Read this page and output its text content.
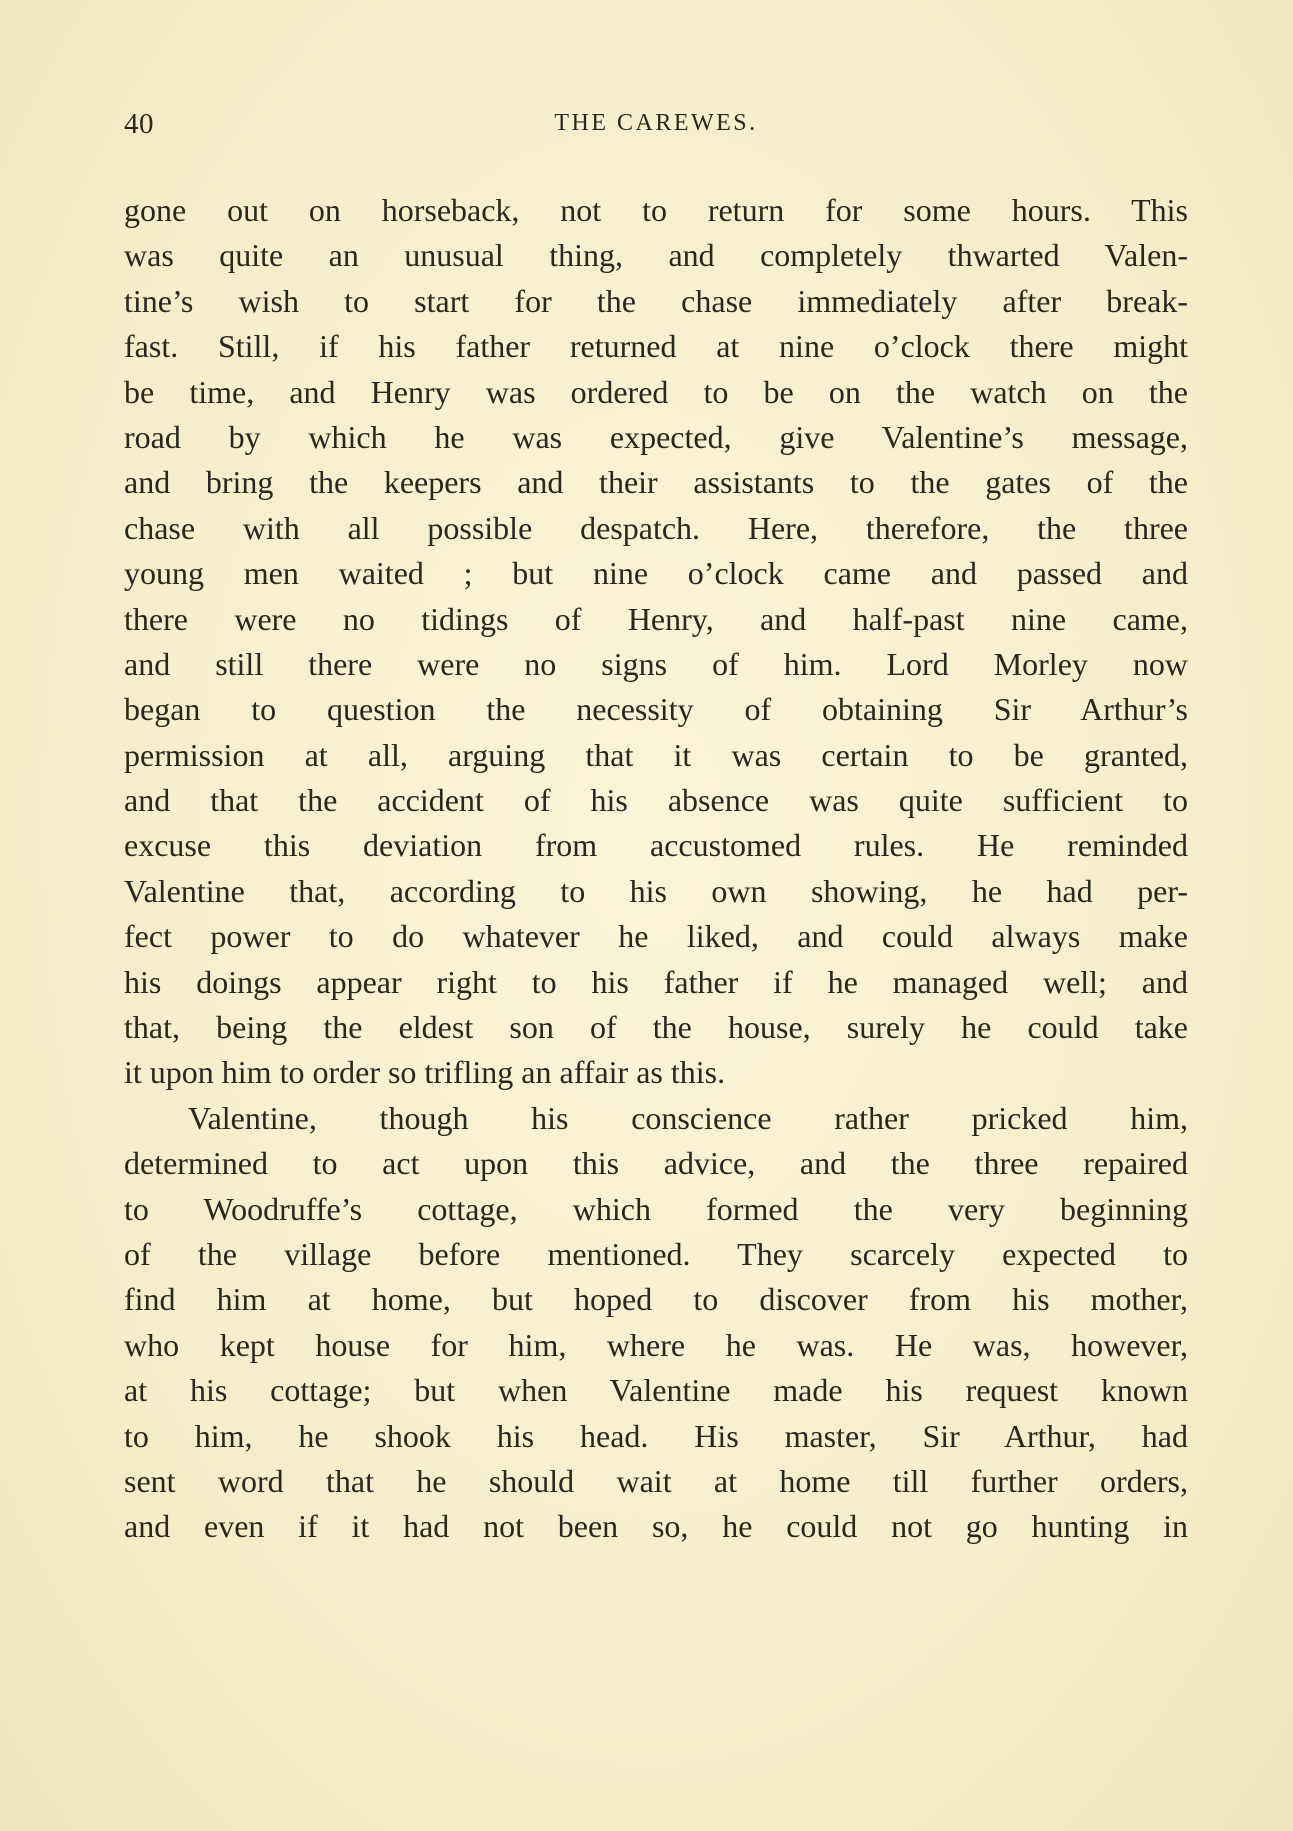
40	THE CAREWES.
gone out on horseback, not to return for some hours. This
was quite an unusual thing, and completely thwarted Valen-
tine’s wish to start for the chase immediately after break-
fast. Still, if his father returned at nine o’clock there might
be time, and Henry was ordered to be on the watch on the
road by which he was expected, give Valentine’s message,
and bring the keepers and their assistants to the gates of the
chase with all possible despatch. Here, therefore, the three
young men waited ; but nine o’clock came and passed and
there were no tidings of Henry, and half-past nine came,
and still there were no signs of him. Lord Morley now
began to question the necessity of obtaining Sir Arthur’s
permission at all, arguing that it was certain to be granted,
and that the accident of his absence was quite sufficient to
excuse this deviation from accustomed rules. He reminded
Valentine that, according to his own showing, he had per-
fect power to do whatever he liked, and could always make
his doings appear right to his father if he managed well; and
that, being the eldest son of the house, surely he could take
it upon him to order so trifling an affair as this.
Valentine, though his conscience rather pricked him,
determined to act upon this advice, and the three repaired
to Woodruffe’s cottage, which formed the very beginning
of the village before mentioned. They scarcely expected to
find him at home, but hoped to discover from his mother,
who kept house for him, where he was. He was, however,
at his cottage; but when Valentine made his request known
to him, he shook his head. His master, Sir Arthur, had
sent word that he should wait at home till further orders,
and even if it had not been so, he could not go hunting in
